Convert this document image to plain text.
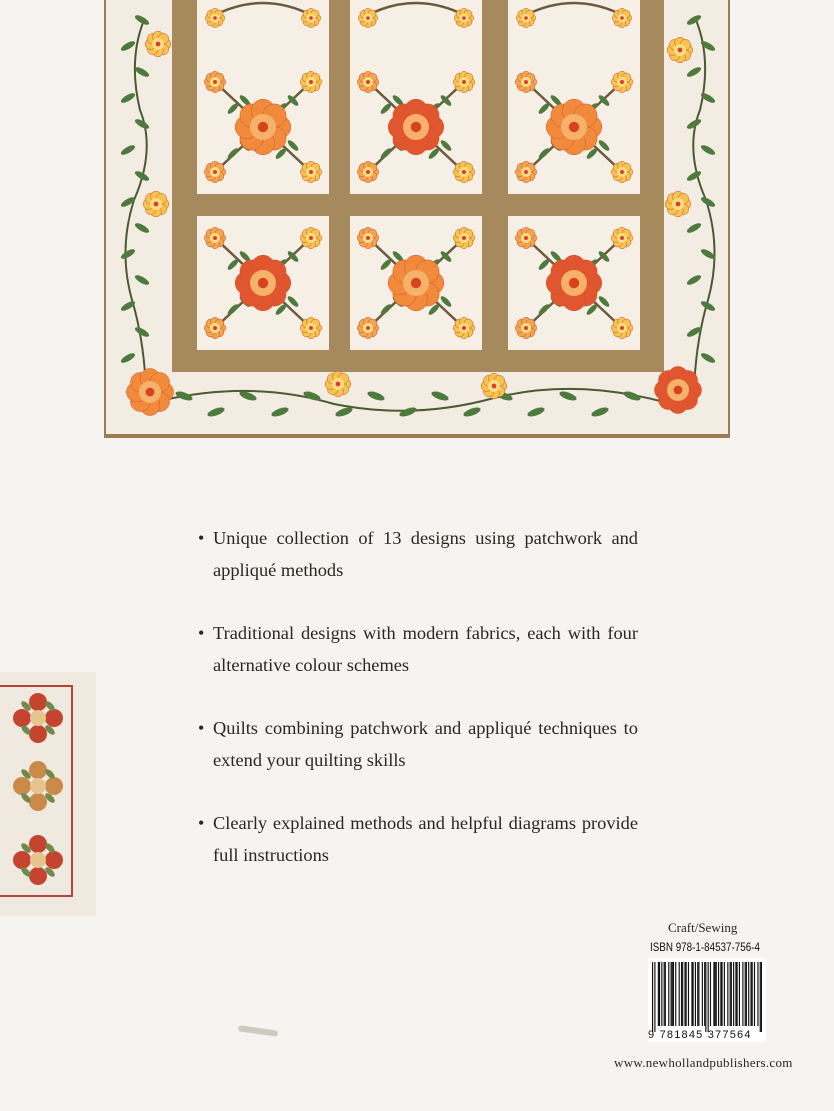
• Unique collection of 13 designs using patchwork and appliqué methods
• Traditional designs with modern fabrics, each with four alternative colour schemes
• Quilts combining patchwork and appliqué techniques to extend your quilting skills
• Clearly explained methods and helpful diagrams provide full instructions
Craft/Sewing
ISBN 978-1-84537-756-4
9 781845 377564
www.newhollandpublishers.com
